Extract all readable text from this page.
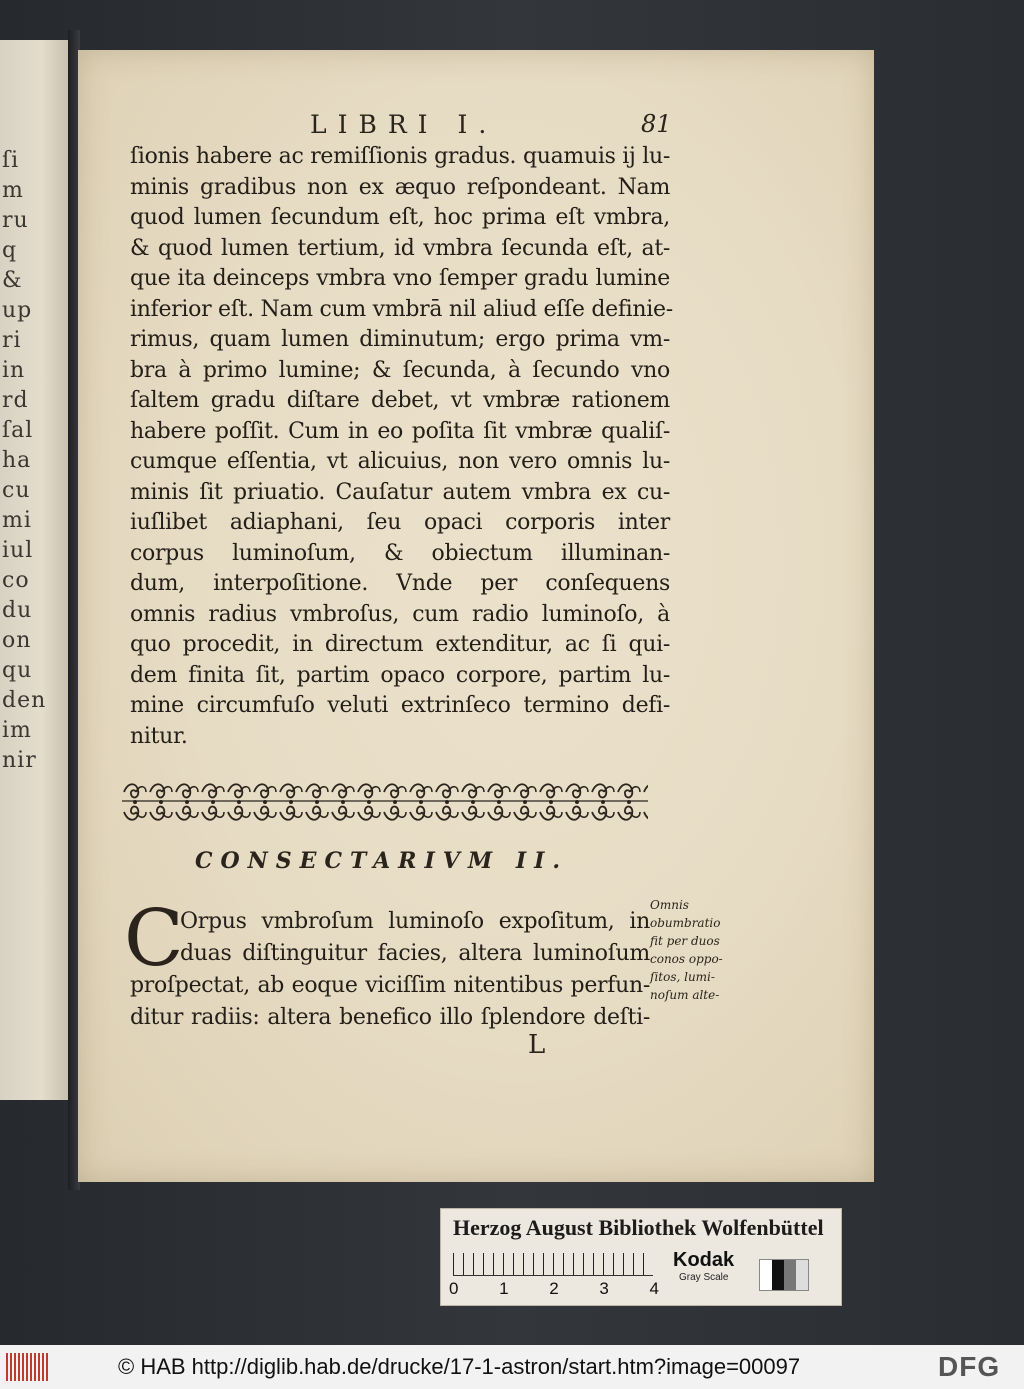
ſi
m
ru
q
&
up
ri
in
rd
ſal
ha
cu
mi
iul
co
du
on
qu
den
im
nir
LIBRI I.	81
ſionis habere ac remiſſionis gradus. quamuis ij lu-
minis gradibus non ex æquo reſpondeant. Nam
quod lumen ſecundum eſt, hoc prima eſt vmbra,
& quod lumen tertium, id vmbra ſecunda eſt, at-
que ita deinceps vmbra vno ſemper gradu lumine
inferior eſt. Nam cum vmbrā nil aliud eſſe definie-
rimus, quam lumen diminutum; ergo prima vm-
bra à primo lumine; & ſecunda, à ſecundo vno
ſaltem gradu diſtare debet, vt vmbræ rationem
habere poſſit. Cum in eo poſita ſit vmbræ qualiſ-
cumque eſſentia, vt alicuius, non vero omnis lu-
minis ſit priuatio. Cauſatur autem vmbra ex cu-
iuſlibet adiaphani, ſeu opaci corporis inter
corpus luminoſum, & obiectum illuminan-
dum, interpoſitione. Vnde per conſequens
omnis radius vmbroſus, cum radio luminoſo, à
quo procedit, in directum extenditur, ac ſi qui-
dem finita ſit, partim opaco corpore, partim lu-
mine circumfuſo veluti extrinſeco termino defi-
nitur.
CONSECTARIVM II.
C
Orpus vmbroſum luminoſo expoſitum, in
duas diſtinguitur facies, altera luminoſum
proſpectat, ab eoque viciſſim nitentibus perfun-
ditur radiis: altera benefico illo ſplendore deſti-
Omnis
obumbratio
fit per duos
conos oppo-
ſitos, lumi-
noſum alte-
L
Herzog August Bibliothek Wolfenbüttel
0 1 2 3 4
Kodak
Gray Scale
© HAB http://diglib.hab.de/drucke/17-1-astron/start.htm?image=00097	DFG
